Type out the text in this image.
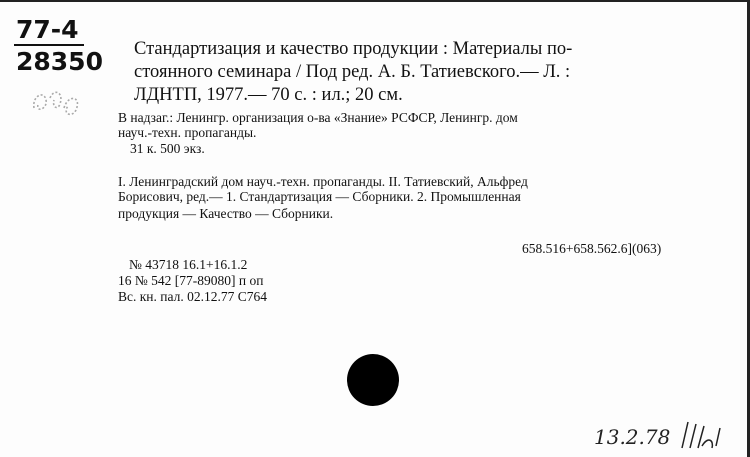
77-4
28350 Стандартизация и качество продукции : Материалы по-
стоянного семинара / Под ред. А. Б. Татиевского.— Л. :
ЛДНТП, 1977.— 70 с. : ил.; 20 см.
В надзаг.: Ленингр. организация о-ва «Знание» РСФСР, Ленингр. дом
науч.-техн. пропаганды.
31 к. 500 экз.
I. Ленинградский дом науч.-техн. пропаганды. II. Татиевский, Альфред
Борисович, ред.— 1. Стандартизация — Сборники. 2. Промышленная
продукция — Качество — Сборники.
658.516+658.562.6](063)
№ 43718 16.1+16.1.2
16 № 542 [77-89080] п оп
Вс. кн. пал. 02.12.77 С764
13.2.78
